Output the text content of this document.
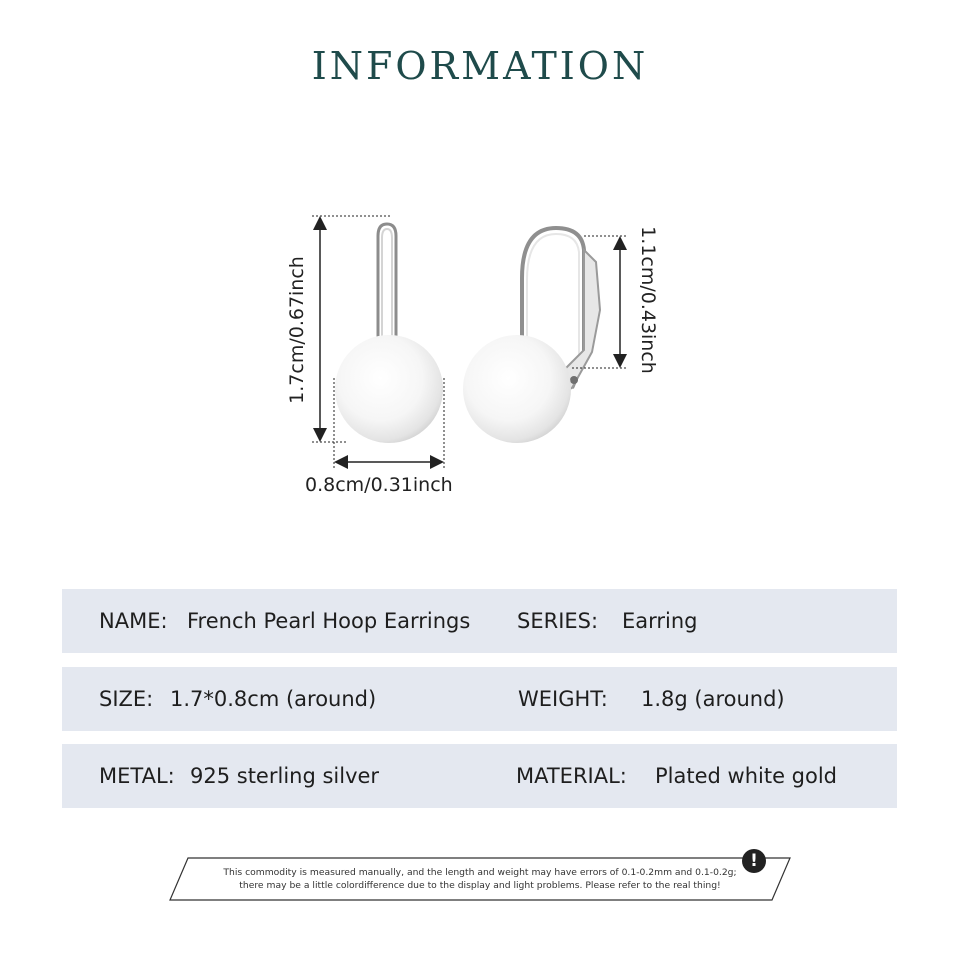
INFORMATION
1.7cm/0.67inch	1.1cm/0.43inch
0.8cm/0.31inch
NAME: French Pearl Hoop Earrings SERIES: Earring
SIZE: 1.7*0.8cm (around)	WEIGHT: 1.8g (around)
METAL: 925 sterling silver	MATERIAL: Plated white gold
This commodity is measured manually, and the length and weight may have errors of 0.1-0.2mm and 0.1-0.2g;
there may be a little colordifference due to the display and light problems. Please refer to the real thing!
!
